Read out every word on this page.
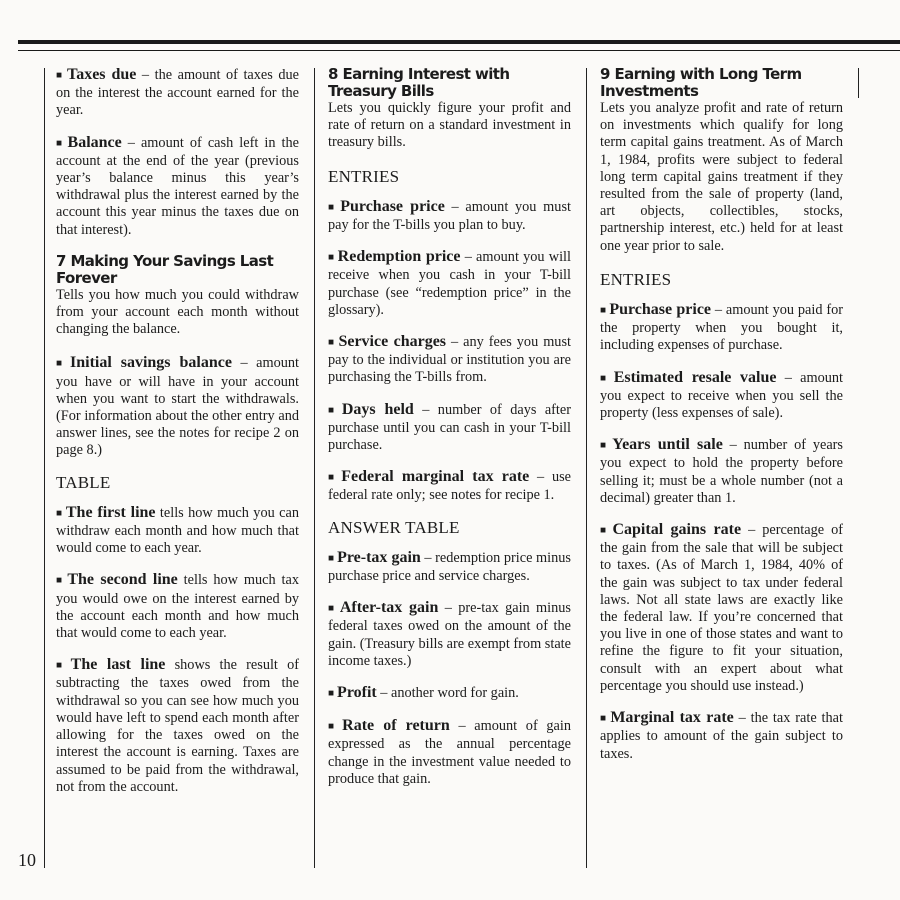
■ Taxes due – the amount of taxes due on the interest the account earned for the year.

■ Balance – amount of cash left in the account at the end of the year (previous year’s balance minus this year’s withdrawal plus the interest earned by the account this year minus the taxes due on that interest).

7 Making Your Savings Last Forever

Tells you how much you could withdraw from your account each month without changing the balance.

■ Initial savings balance – amount you have or will have in your account when you want to start the withdrawals. (For information about the other entry and answer lines, see the notes for recipe 2 on page 8.)

TABLE

■ The first line tells how much you can withdraw each month and how much that would come to each year.

■ The second line tells how much tax you would owe on the interest earned by the account each month and how much that would come to each year.

■ The last line shows the result of subtracting the taxes owed from the withdrawal so you can see how much you would have left to spend each month after allowing for the taxes owed on the interest the account is earning. Taxes are assumed to be paid from the withdrawal, not from the account.

8 Earning Interest with Treasury Bills

Lets you quickly figure your profit and rate of return on a standard investment in treasury bills.

ENTRIES

■ Purchase price – amount you must pay for the T-bills you plan to buy.

■ Redemption price – amount you will receive when you cash in your T-bill purchase (see “redemption price” in the glossary).

■ Service charges – any fees you must pay to the individual or institution you are purchasing the T-bills from.

■ Days held – number of days after purchase until you can cash in your T-bill purchase.

■ Federal marginal tax rate – use federal rate only; see notes for recipe 1.

ANSWER TABLE

■ Pre-tax gain – redemption price minus purchase price and service charges.

■ After-tax gain – pre-tax gain minus federal taxes owed on the amount of the gain. (Treasury bills are exempt from state income taxes.)

■ Profit – another word for gain.

■ Rate of return – amount of gain expressed as the annual percentage change in the investment value needed to produce that gain.

9 Earning with Long Term Investments

Lets you analyze profit and rate of return on investments which qualify for long term capital gains treatment. As of March 1, 1984, profits were subject to federal long term capital gains treatment if they resulted from the sale of property (land, art objects, collectibles, stocks, partnership interest, etc.) held for at least one year prior to sale.

ENTRIES

■ Purchase price – amount you paid for the property when you bought it, including expenses of purchase.

■ Estimated resale value – amount you expect to receive when you sell the property (less expenses of sale).

■ Years until sale – number of years you expect to hold the property before selling it; must be a whole number (not a decimal) greater than 1.

■ Capital gains rate – percentage of the gain from the sale that will be subject to taxes. (As of March 1, 1984, 40% of the gain was subject to tax under federal laws. Not all state laws are exactly like the federal law. If you’re concerned that you live in one of those states and want to refine the figure to fit your situation, consult with an expert about what percentage you should use instead.)

■ Marginal tax rate – the tax rate that applies to amount of the gain subject to taxes.

10
